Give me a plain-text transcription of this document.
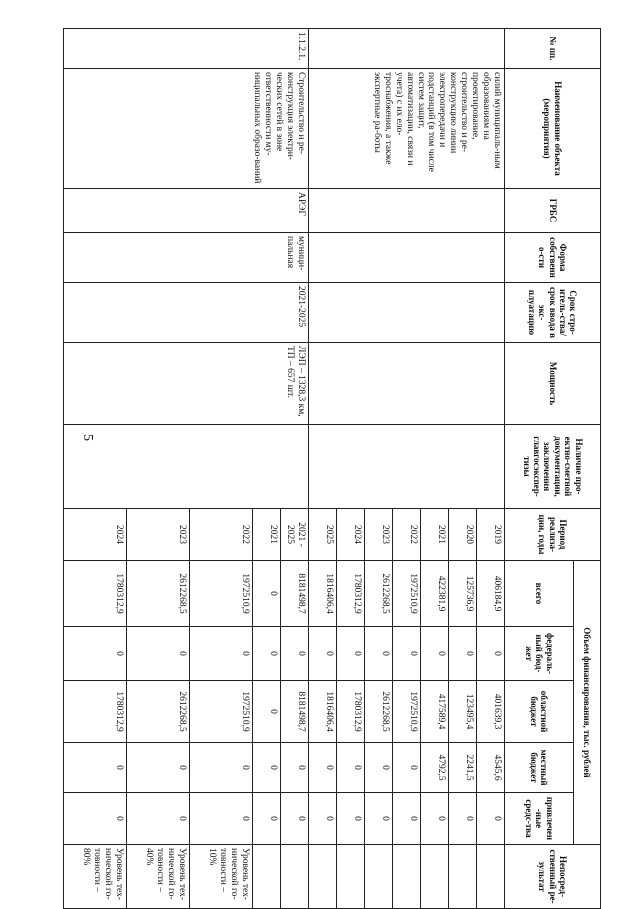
5
№ пп.	Наименование объекта (мероприятия)	ГРБС	Форма собственно-сти	Срок стро-итель-ства/срок ввода в экс-плуатацию	Мощность	Наличие про-ектно-сметной документации, заключения главгосэкспер-тизы	Период реализа-ции, годы	Объем финансирования, тыс. рублей					Непосред-ственный ре-зультат
								всего	федераль-ный бюд-жет	областной бюджет	местный бюджет	привлечен-ные средс-тва	
	силий муниципаль-ным образованиям на проектирование, строительство и ре-конструкцию линии электропередачи и подстанций (в том числе систем защит, автоматизации, связи и учета) с их ело-троснабжения, а также экспертные ра-боты						2019	406184,9	0	401639,3	4545,6	0	
							2020	125736,9	0	123495,4	2241,5	0	
							2021	422381,9	0	417589,4	4792,5	0	
							2022	1972510,9	0	1972510,9	0	0	
							2023	2612268,5	0	2612268,5	0	0	
							2024	1780312,9	0	1780312,9	0	0	
							2025	1816406,4	0	1816406,4	0	0	
1.1.2.1.	Строительство и ре-конструкция электри-ческих сетей в зоне ответственности му-ниципальных образо-ваний	АРЭГ	муници-пальная	2021-2025	ЛЭП – 1328,3 км, ТП – 657 шт.		2021 - 2025	8181498,7	0	8181498,7	0	0	
							2021	0	0	0	0	0	
							2022	1972510,9	0	1972510,9	0	0	Уровень тех-нической го-товности – 10%
							2023	2612268,5	0	2612268,5	0	0	Уровень тех-нической го-товности – 40%
							2024	1780312,9	0	1780312,9	0	0	Уровень тех-нической го-товности – 80%
